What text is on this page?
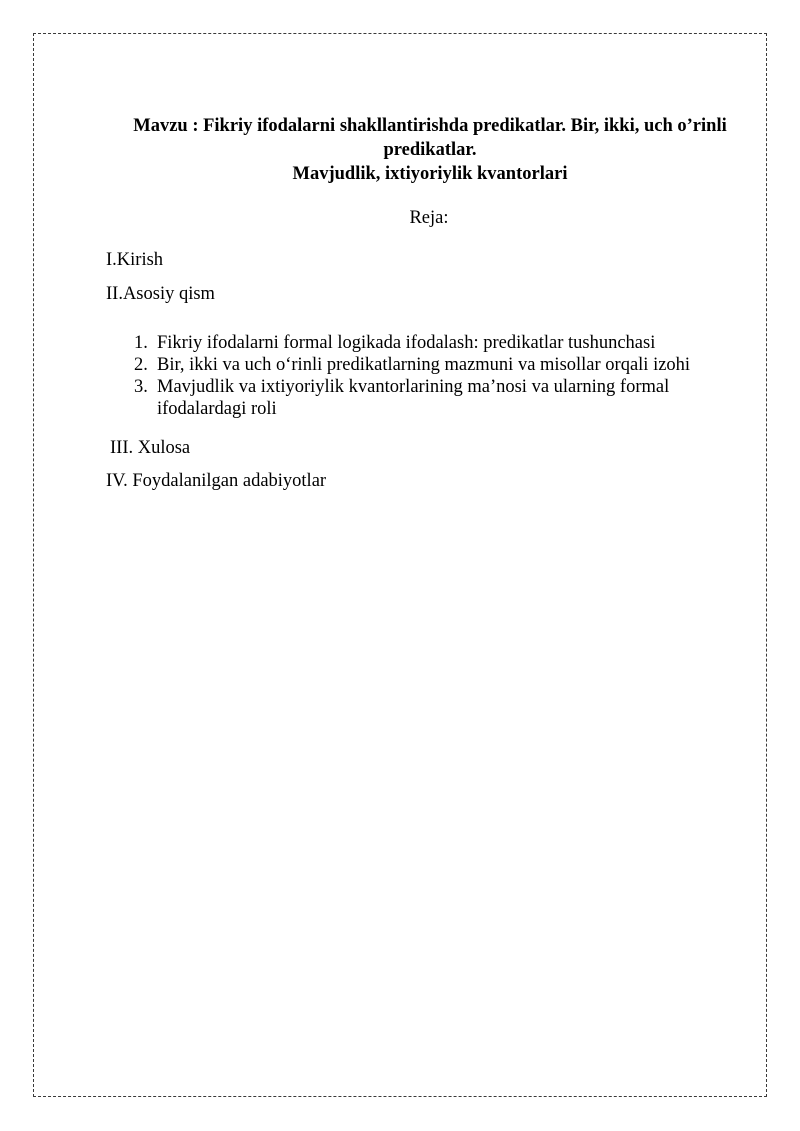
Mavzu : Fikriy ifodalarni shakllantirishda predikatlar. Bir, ikki, uch o’rinli predikatlar.
Mavjudlik, ixtiyoriylik kvantorlari
Reja:
I.Kirish
II.Asosiy qism
1. Fikriy ifodalarni formal logikada ifodalash: predikatlar tushunchasi
2. Bir, ikki va uch o‘rinli predikatlarning mazmuni va misollar orqali izohi
3. Mavjudlik va ixtiyoriylik kvantorlarining ma’nosi va ularning formal ifodalardagi roli
III. Xulosa
IV. Foydalanilgan adabiyotlar
